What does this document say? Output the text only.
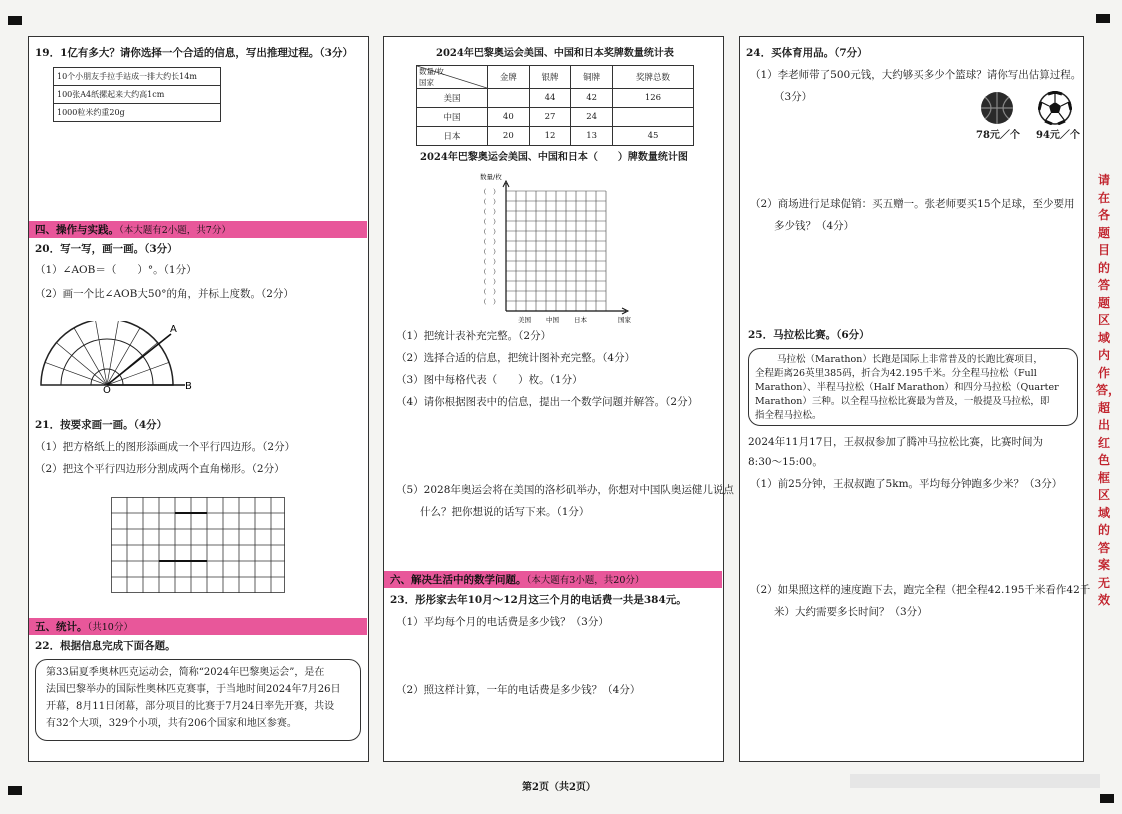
19．1亿有多大？请你选择一个合适的信息，写出推理过程。（3分）
10个小朋友手拉手站成一排大约长14m
100张A4纸摞起来大约高1cm
1000粒米约重20g
四、操作与实践。（本大题有2小题，共7分）
20．写一写，画一画。（3分）
（1）∠AOB＝（　　）°。（1分）
（2）画一个比∠AOB大50°的角，并标上度数。（2分）
A
O	B
21．按要求画一画。（4分）
（1）把方格纸上的图形添画成一个平行四边形。（2分）
（2）把这个平行四边形分割成两个直角梯形。（2分）
五、统计。（共10分）
22．根据信息完成下面各题。
第33届夏季奥林匹克运动会，简称“2024年巴黎奥运会”，是在
法国巴黎举办的国际性奥林匹克赛事，于当地时间2024年7月26日
开幕，8月11日闭幕，部分项目的比赛于7月24日率先开赛，共设
有32个大项，329个小项，共有206个国家和地区参赛。
2024年巴黎奥运会美国、中国和日本奖牌数量统计表
数量/枚
国家	金牌	银牌	铜牌	奖牌总数
美国		44	42	126
中国	40	27	24	
日本	20	12	13	45
2024年巴黎奥运会美国、中国和日本（　　）牌数量统计图
数量/枚
国家
（　）
（　）
（　）
（　）
（　）
（　）
（　）
（　）
（　）
（　）
（　）
（　）
美国 中国 日本
（1）把统计表补充完整。（2分）
（2）选择合适的信息，把统计图补充完整。（4分）
（3）图中每格代表（　　）枚。（1分）
（4）请你根据图表中的信息，提出一个数学问题并解答。（2分）
（5）2028年奥运会将在美国的洛杉矶举办，你想对中国队奥运健儿说点
什么？把你想说的话写下来。（1分）
六、解决生活中的数学问题。（本大题有3小题，共20分）
23．彤彤家去年10月～12月这三个月的电话费一共是384元。
（1）平均每个月的电话费是多少钱？（3分）
（2）照这样计算，一年的电话费是多少钱？（4分）
24．买体育用品。（7分）
（1）李老师带了500元钱，大约够买多少个篮球？请你写出估算过程。
（3分）
78元／个 94元／个
（2）商场进行足球促销：买五赠一。张老师要买15个足球，至少要用
多少钱？（4分）
25．马拉松比赛。（6分）
马拉松（Marathon）长跑是国际上非常普及的长跑比赛项目，
全程距离26英里385码，折合为42.195千米。分全程马拉松（Full
Marathon）、半程马拉松（Half Marathon）和四分马拉松（Quarter
Marathon）三种。以全程马拉松比赛最为普及，一般提及马拉松，即
指全程马拉松。
2024年11月17日，王叔叔参加了腾冲马拉松比赛，比赛时间为
8:30～15:00。
（1）前25分钟，王叔叔跑了5km。平均每分钟跑多少米？（3分）
（2）如果照这样的速度跑下去，跑完全程（把全程42.195千米看作42千
米）大约需要多长时间？（3分）
请在各题目的答题区域内作答，超出红色框区域的答案无效
第2页（共2页）
